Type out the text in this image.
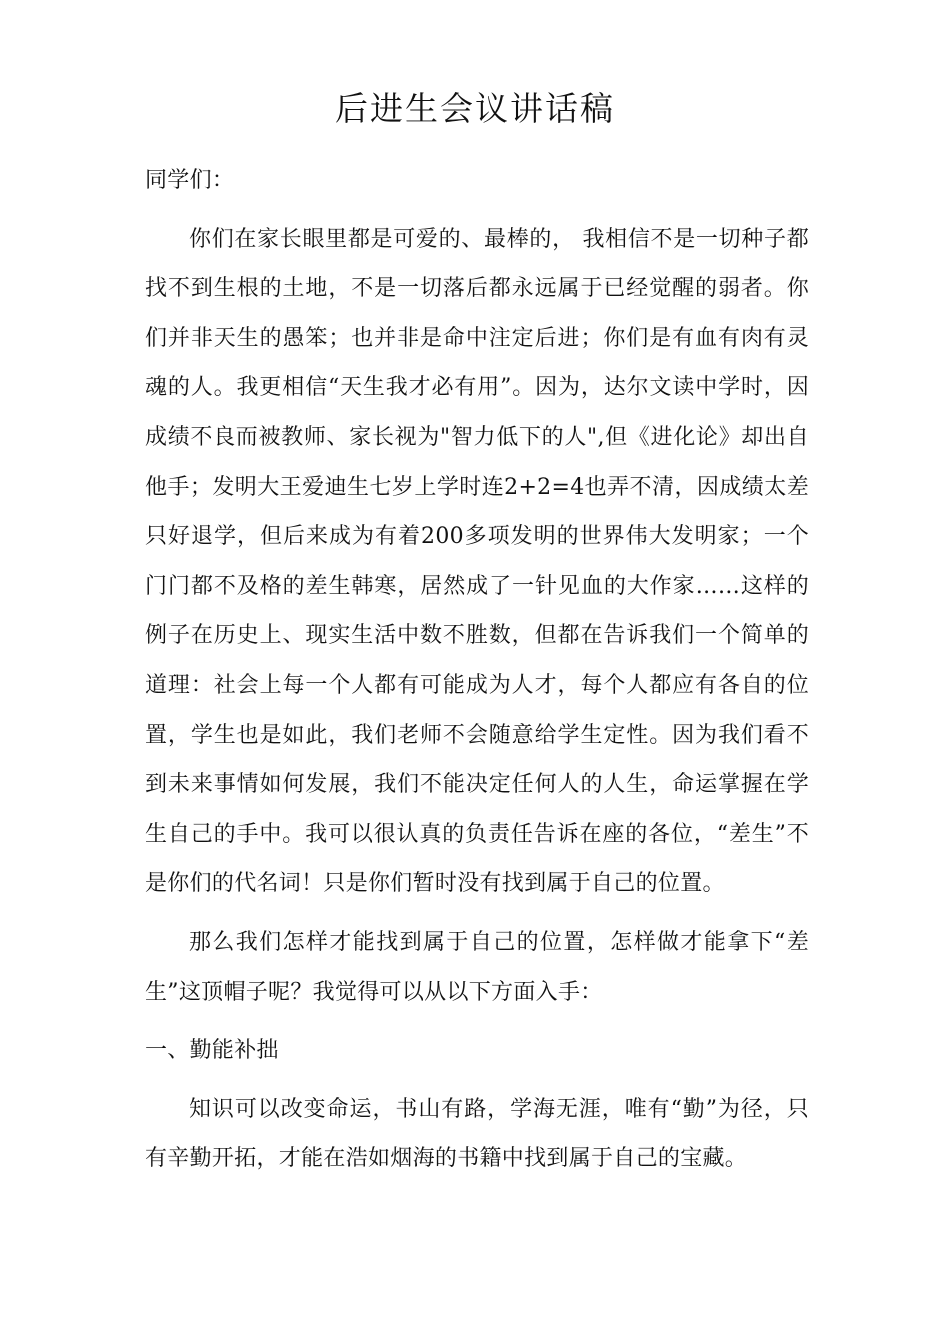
后进生会议讲话稿

同学们：

你们在家长眼里都是可爱的、最棒的， 我相信不是一切种子都找不到生根的土地，不是一切落后都永远属于已经觉醒的弱者。你们并非天生的愚笨；也并非是命中注定后进；你们是有血有肉有灵魂的人。我更相信“天生我才必有用”。因为，达尔文读中学时，因成绩不良而被教师、家长视为"智力低下的人",但《进化论》却出自他手；发明大王爱迪生七岁上学时连2+2=4也弄不清，因成绩太差只好退学，但后来成为有着200多项发明的世界伟大发明家；一个门门都不及格的差生韩寒，居然成了一针见血的大作家……这样的例子在历史上、现实生活中数不胜数，但都在告诉我们一个简单的道理：社会上每一个人都有可能成为人才，每个人都应有各自的位置，学生也是如此，我们老师不会随意给学生定性。因为我们看不到未来事情如何发展，我们不能决定任何人的人生，命运掌握在学生自己的手中。我可以很认真的负责任告诉在座的各位，“差生”不是你们的代名词！只是你们暂时没有找到属于自己的位置。

那么我们怎样才能找到属于自己的位置，怎样做才能拿下“差生”这顶帽子呢？我觉得可以从以下方面入手：

一、勤能补拙

知识可以改变命运，书山有路，学海无涯，唯有“勤”为径，只有辛勤开拓，才能在浩如烟海的书籍中找到属于自己的宝藏。
